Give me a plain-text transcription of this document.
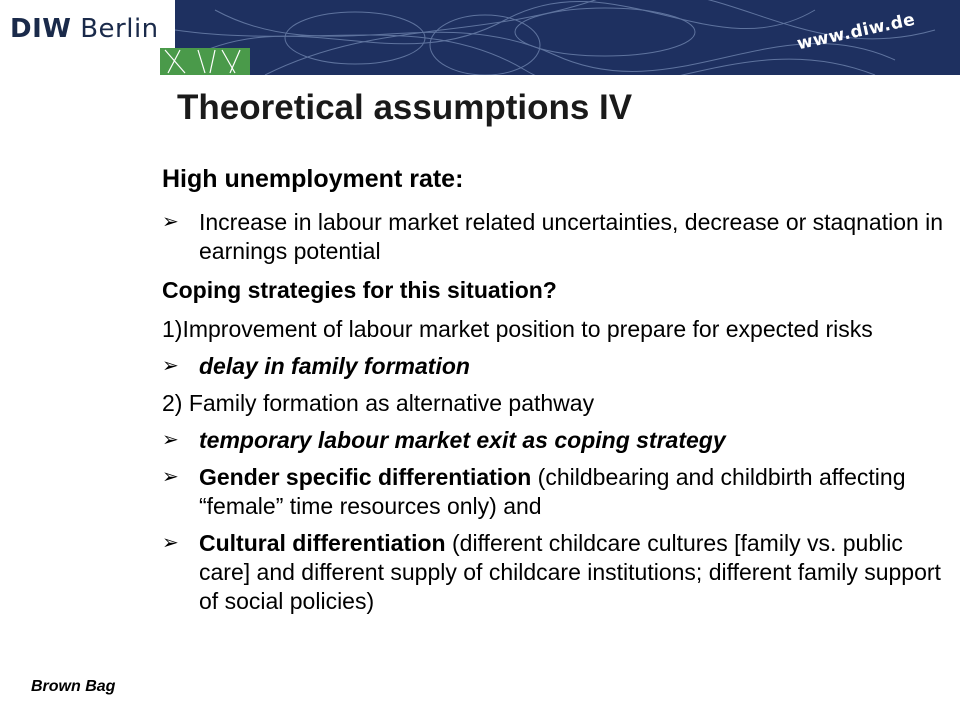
DIW Berlin	www.diw.de
Theoretical assumptions IV

High unemployment rate:

➢ Increase in labour market related uncertainties, decrease or staqnation in earnings potential

Coping strategies for this situation?

1)Improvement of labour market position to prepare for expected risks

➢ delay in family formation

2) Family formation as alternative pathway

➢ temporary labour market exit as coping strategy
➢ Gender specific differentiation (childbearing and childbirth affecting “female” time resources only) and
➢ Cultural differentiation (different childcare cultures [family vs. public care] and different supply of childcare institutions; different family support of social policies)
Brown Bag
